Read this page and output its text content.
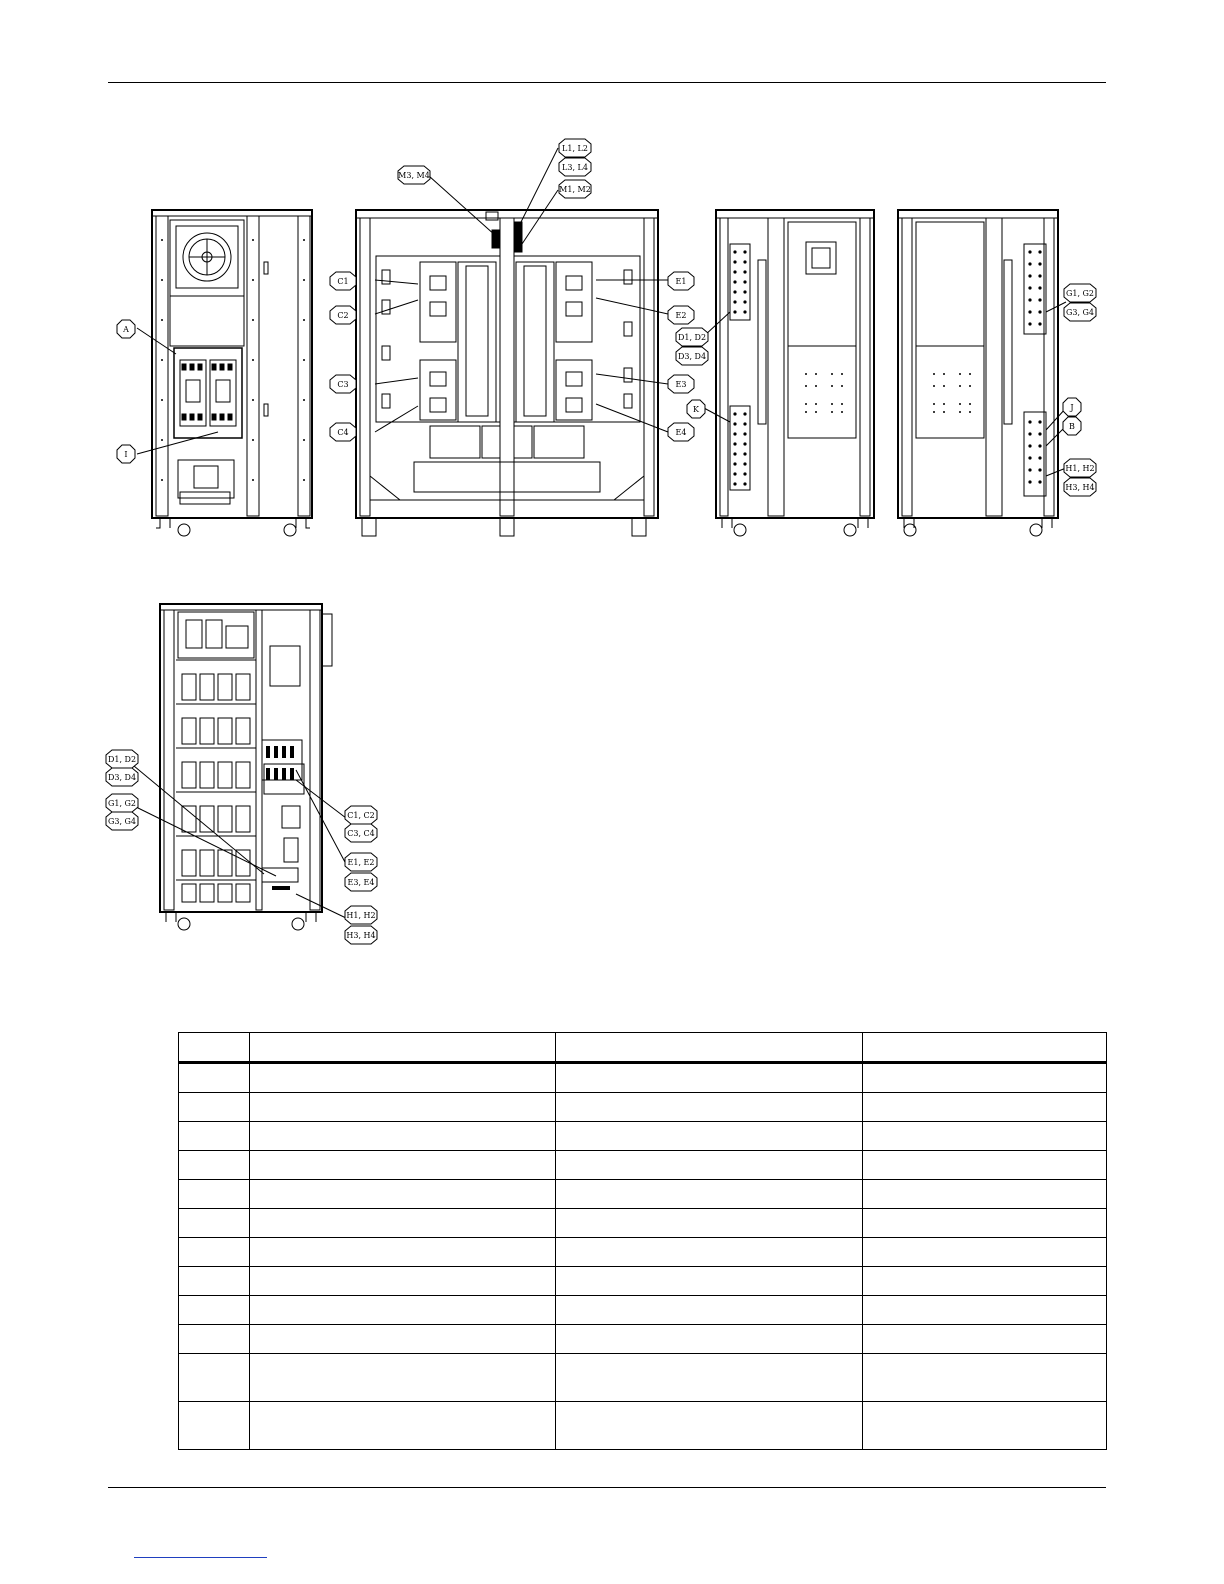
A
I
C1
C2
C3
C4
M3, M4
L1, L2
L3, L4
M1, M2
E1
E2
E3
E4
D1, D2
D3, D4
K
G1, G2
G3, G4
J
B
H1, H2
H3, H4
D1, D2
D3, D4
G1, G2
G3, G4
C1, C2
C3, C4
E1, E2
E3, E4
H1, H2
H3, H4
